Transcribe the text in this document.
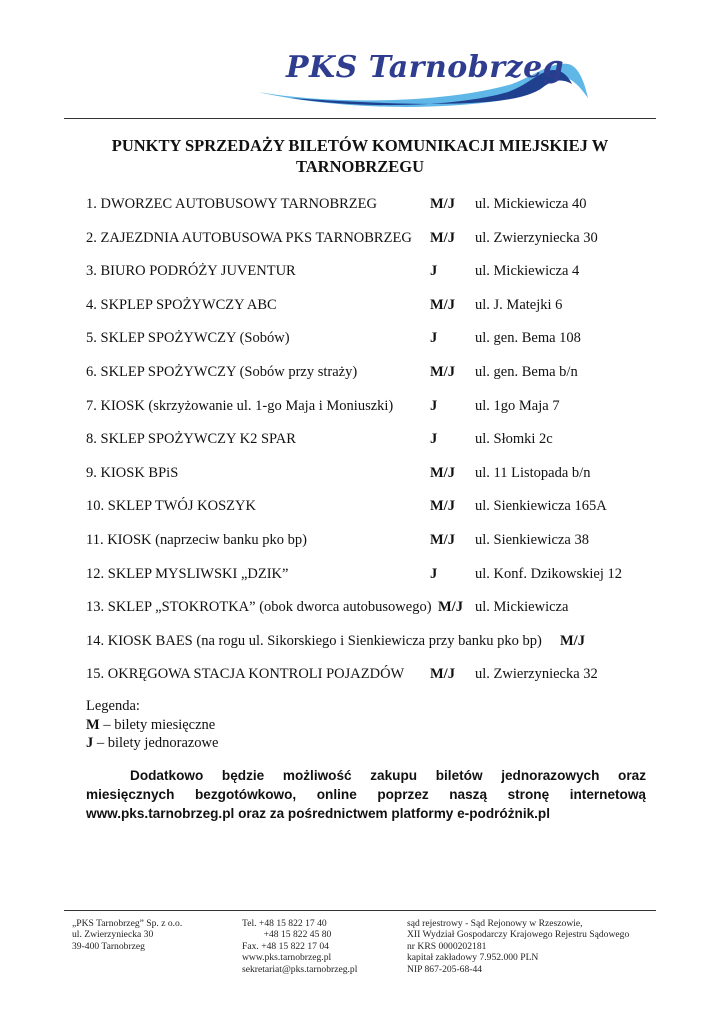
PKS Tarnobrzeg
PUNKTY SPRZEDAŻY BILETÓW KOMUNIKACJI MIEJSKIEJ W TARNOBRZEGU
1. DWORZEC AUTOBUSOWY TARNOBRZEG	M/J ul. Mickiewicza 40
2. ZAJEZDNIA AUTOBUSOWA PKS TARNOBRZEG M/J ul. Zwierzyniecka 30
3. BIURO PODRÓŻY JUVENTUR	J	ul. Mickiewicza 4
4. SKPLEP SPOŻYWCZY ABC	M/J ul. J. Matejki 6
5. SKLEP SPOŻYWCZY (Sobów)	J	ul. gen. Bema 108
6. SKLEP SPOŻYWCZY (Sobów przy straży)	M/J ul. gen. Bema b/n
7. KIOSK (skrzyżowanie ul. 1-go Maja i Moniuszki)	J	ul. 1go Maja 7
8. SKLEP SPOŻYWCZY K2 SPAR	J	ul. Słomki 2c
9. KIOSK BPiS	M/J ul. 11 Listopada b/n
10. SKLEP TWÓJ KOSZYK	M/J ul. Sienkiewicza 165A
11. KIOSK (naprzeciw banku pko bp)	M/J ul. Sienkiewicza 38
12. SKLEP MYSLIWSKI „DZIK”	J	ul. Konf. Dzikowskiej 12
13. SKLEP „STOKROTKA” (obok dworca autobusowego) M/J ul. Mickiewicza
14. KIOSK BAES (na rogu ul. Sikorskiego i Sienkiewicza przy banku pko bp) M/J
15. OKRĘGOWA STACJA KONTROLI POJAZDÓW M/J ul. Zwierzyniecka 32
Legenda:
M – bilety miesięczne
J – bilety jednorazowe
Dodatkowo będzie możliwość zakupu biletów jednorazowych oraz miesięcznych bezgotówkowo, online poprzez naszą stronę internetową www.pks.tarnobrzeg.pl oraz za pośrednictwem platformy e-podróżnik.pl
„PKS Tarnobrzeg” Sp. z o.o.
ul. Zwierzyniecka 30
39-400 Tarnobrzeg
Tel. +48 15 822 17 40
+48 15 822 45 80
Fax. +48 15 822 17 04
www.pks.tarnobrzeg.pl
sekretariat@pks.tarnobrzeg.pl
sąd rejestrowy - Sąd Rejonowy w Rzeszowie,
XII Wydział Gospodarczy Krajowego Rejestru Sądowego
nr KRS 0000202181
kapitał zakładowy 7.952.000 PLN
NIP 867-205-68-44
